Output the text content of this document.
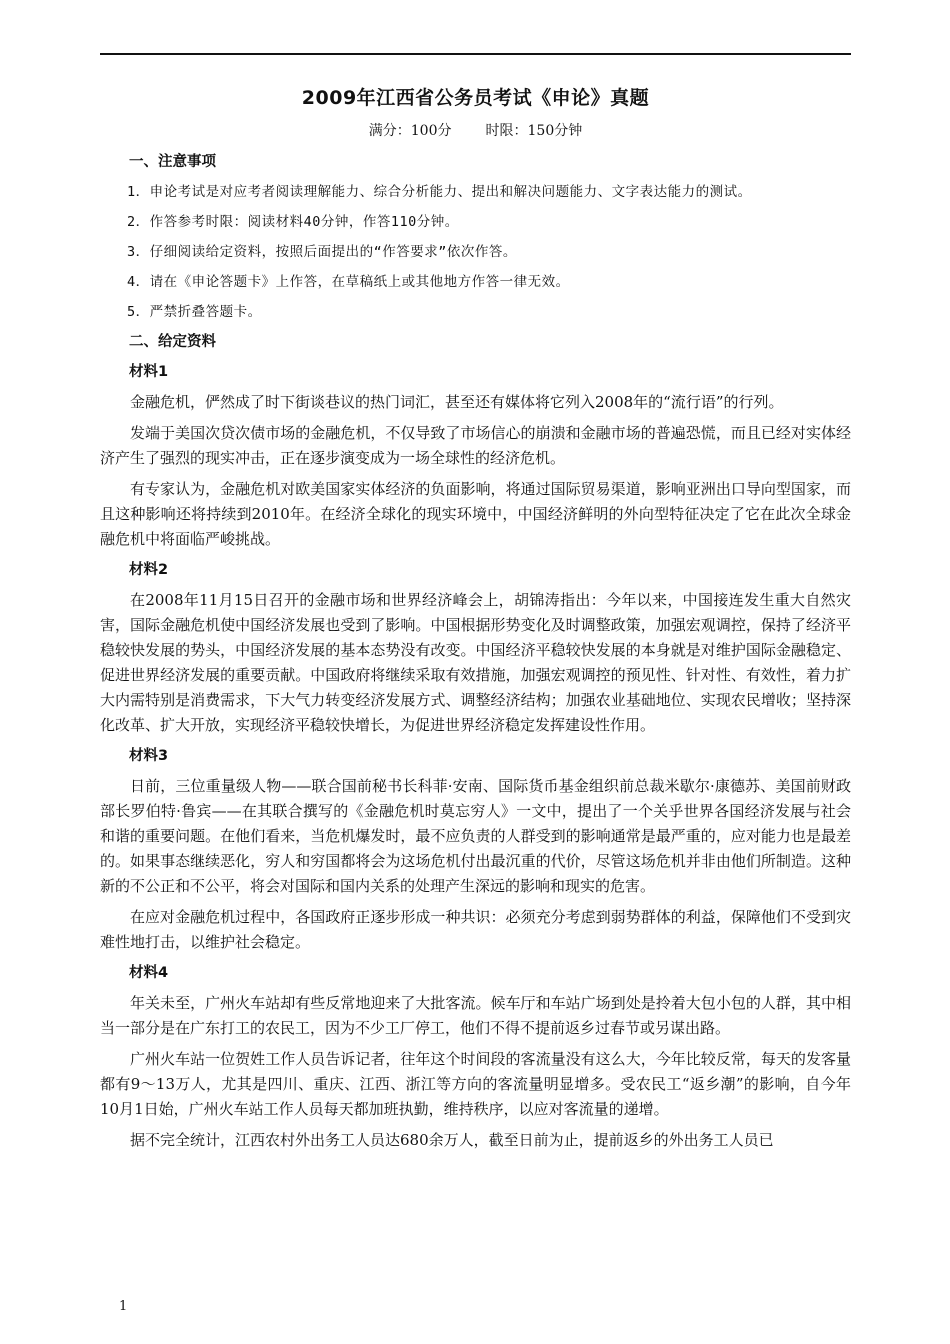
2009年江西省公务员考试《申论》真题
满分：100分 时限：150分钟
一、注意事项

1．申论考试是对应考者阅读理解能力、综合分析能力、提出和解决问题能力、文字表达能力的测试。

2．作答参考时限：阅读材料40分钟，作答110分钟。

3．仔细阅读给定资料，按照后面提出的“作答要求”依次作答。

4．请在《申论答题卡》上作答，在草稿纸上或其他地方作答一律无效。

5．严禁折叠答题卡。

二、给定资料
材料1

金融危机，俨然成了时下街谈巷议的热门词汇，甚至还有媒体将它列入2008年的“流行语”的行列。

发端于美国次贷次债市场的金融危机，不仅导致了市场信心的崩溃和金融市场的普遍恐慌，而且已经对实体经济产生了强烈的现实冲击，正在逐步演变成为一场全球性的经济危机。

有专家认为，金融危机对欧美国家实体经济的负面影响，将通过国际贸易渠道，影响亚洲出口导向型国家，而且这种影响还将持续到2010年。在经济全球化的现实环境中，中国经济鲜明的外向型特征决定了它在此次全球金融危机中将面临严峻挑战。

材料2

在2008年11月15日召开的金融市场和世界经济峰会上，胡锦涛指出：今年以来，中国接连发生重大自然灾害，国际金融危机使中国经济发展也受到了影响。中国根据形势变化及时调整政策，加强宏观调控，保持了经济平稳较快发展的势头，中国经济发展的基本态势没有改变。中国经济平稳较快发展的本身就是对维护国际金融稳定、促进世界经济发展的重要贡献。中国政府将继续采取有效措施，加强宏观调控的预见性、针对性、有效性，着力扩大内需特别是消费需求，下大气力转变经济发展方式、调整经济结构；加强农业基础地位、实现农民增收；坚持深化改革、扩大开放，实现经济平稳较快增长，为促进世界经济稳定发挥建设性作用。

材料3

日前，三位重量级人物——联合国前秘书长科菲·安南、国际货币基金组织前总裁米歇尔·康德苏、美国前财政部长罗伯特·鲁宾——在其联合撰写的《金融危机时莫忘穷人》一文中，提出了一个关乎世界各国经济发展与社会和谐的重要问题。在他们看来，当危机爆发时，最不应负责的人群受到的影响通常是最严重的，应对能力也是最差的。如果事态继续恶化，穷人和穷国都将会为这场危机付出最沉重的代价，尽管这场危机并非由他们所制造。这种新的不公正和不公平，将会对国际和国内关系的处理产生深远的影响和现实的危害。

在应对金融危机过程中，各国政府正逐步形成一种共识：必须充分考虑到弱势群体的利益，保障他们不受到灾难性地打击，以维护社会稳定。

材料4

年关未至，广州火车站却有些反常地迎来了大批客流。候车厅和车站广场到处是拎着大包小包的人群，其中相当一部分是在广东打工的农民工，因为不少工厂停工，他们不得不提前返乡过春节或另谋出路。

广州火车站一位贺姓工作人员告诉记者，往年这个时间段的客流量没有这么大，今年比较反常，每天的发客量都有9～13万人，尤其是四川、重庆、江西、浙江等方向的客流量明显增多。受农民工“返乡潮”的影响，自今年10月1日始，广州火车站工作人员每天都加班执勤，维持秩序，以应对客流量的递增。

据不完全统计，江西农村外出务工人员达680余万人，截至日前为止，提前返乡的外出务工人员已

1
